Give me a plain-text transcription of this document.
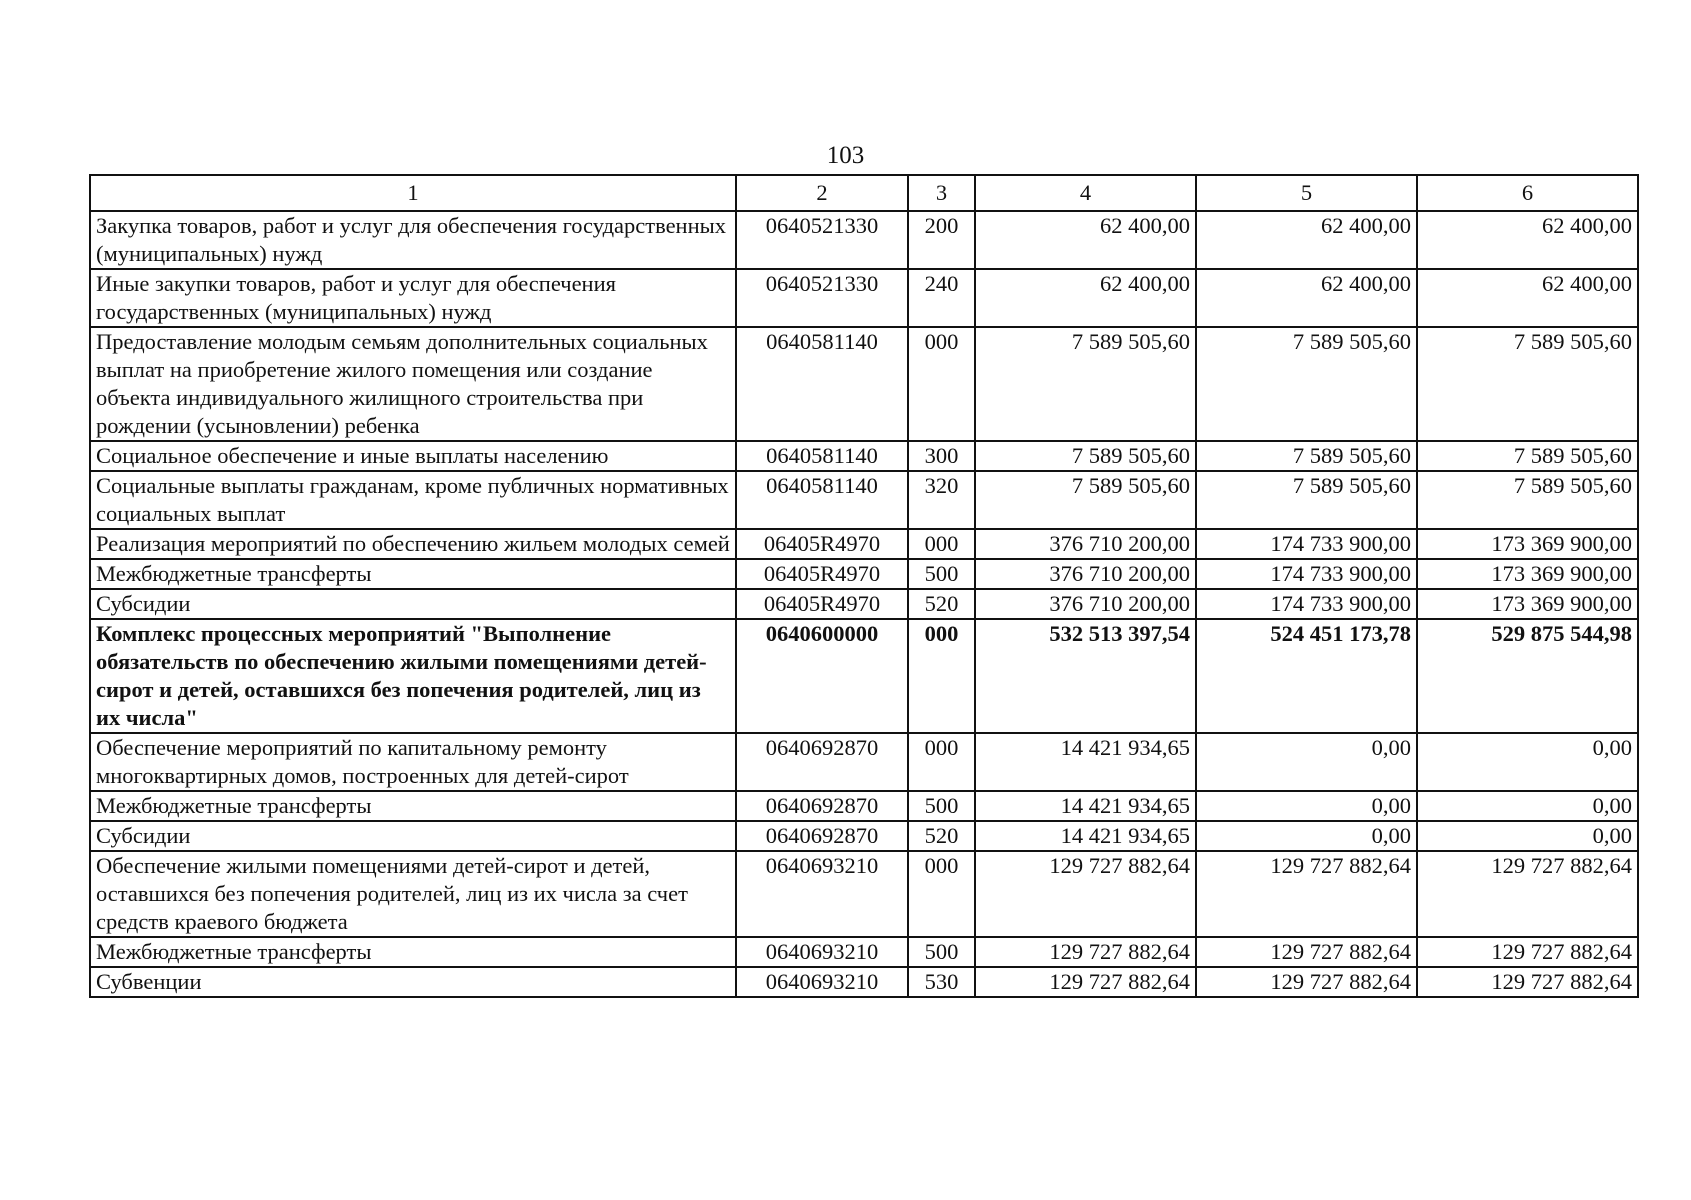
103
1	2	3	4	5	6
Закупка товаров, работ и услуг для обеспечения государственных (муниципальных) нужд	0640521330	200	62 400,00	62 400,00	62 400,00
Иные закупки товаров, работ и услуг для обеспечения государственных (муниципальных) нужд	0640521330	240	62 400,00	62 400,00	62 400,00
Предоставление молодым семьям дополнительных социальных выплат на приобретение жилого помещения или создание объекта индивидуального жилищного строительства при рождении (усыновлении) ребенка	0640581140	000	7 589 505,60	7 589 505,60	7 589 505,60
Социальное обеспечение и иные выплаты населению	0640581140	300	7 589 505,60	7 589 505,60	7 589 505,60
Социальные выплаты гражданам, кроме публичных нормативных социальных выплат	0640581140	320	7 589 505,60	7 589 505,60	7 589 505,60
Реализация мероприятий по обеспечению жильем молодых семей	06405R4970	000	376 710 200,00	174 733 900,00	173 369 900,00
Межбюджетные трансферты	06405R4970	500	376 710 200,00	174 733 900,00	173 369 900,00
Субсидии	06405R4970	520	376 710 200,00	174 733 900,00	173 369 900,00
Комплекс процессных мероприятий "Выполнение обязательств по обеспечению жилыми помещениями детей-сирот и детей, оставшихся без попечения родителей, лиц из их числа"	0640600000	000	532 513 397,54	524 451 173,78	529 875 544,98
Обеспечение мероприятий по капитальному ремонту многоквартирных домов, построенных для детей-сирот	0640692870	000	14 421 934,65	0,00	0,00
Межбюджетные трансферты	0640692870	500	14 421 934,65	0,00	0,00
Субсидии	0640692870	520	14 421 934,65	0,00	0,00
Обеспечение жилыми помещениями детей-сирот и детей, оставшихся без попечения родителей, лиц из их числа за счет средств краевого бюджета	0640693210	000	129 727 882,64	129 727 882,64	129 727 882,64
Межбюджетные трансферты	0640693210	500	129 727 882,64	129 727 882,64	129 727 882,64
Субвенции	0640693210	530	129 727 882,64	129 727 882,64	129 727 882,64
